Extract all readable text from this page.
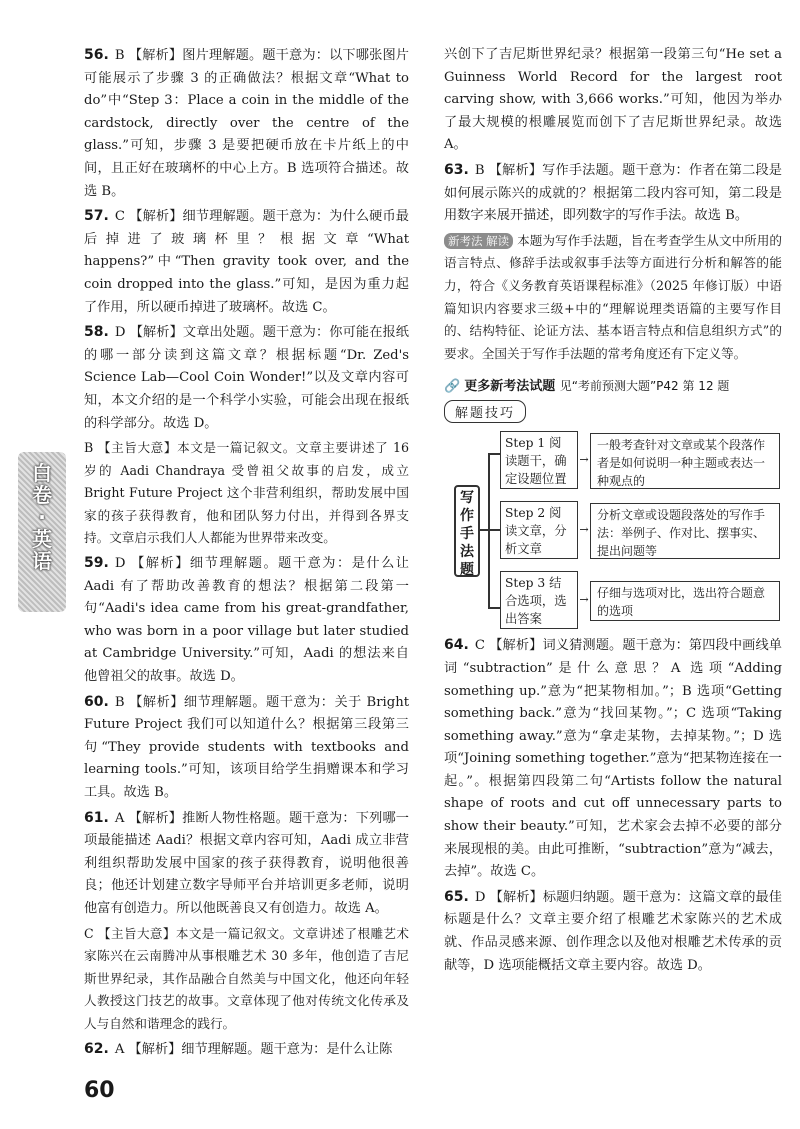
白卷·英语

56. B 【解析】图片理解题。题干意为：以下哪张图片可能展示了步骤 3 的正确做法？根据文章“What to do”中“Step 3：Place a coin in the middle of the cardstock, directly over the centre of the glass.”可知，步骤 3 是要把硬币放在卡片纸上的中间，且正好在玻璃杯的中心上方。B 选项符合描述。故选 B。

57. C 【解析】细节理解题。题干意为：为什么硬币最后掉进了玻璃杯里？根据文章“What happens?”中“Then gravity took over, and the coin dropped into the glass.”可知，是因为重力起了作用，所以硬币掉进了玻璃杯。故选 C。

58. D 【解析】文章出处题。题干意为：你可能在报纸的哪一部分读到这篇文章？根据标题“Dr. Zed's Science Lab—Cool Coin Wonder!”以及文章内容可知，本文介绍的是一个科学小实验，可能会出现在报纸的科学部分。故选 D。

B 【主旨大意】本文是一篇记叙文。文章主要讲述了 16 岁的 Aadi Chandraya 受曾祖父故事的启发，成立 Bright Future Project 这个非营利组织，帮助发展中国家的孩子获得教育，他和团队努力付出，并得到各界支持。文章启示我们人人都能为世界带来改变。

59. D 【解析】细节理解题。题干意为：是什么让 Aadi 有了帮助改善教育的想法？根据第二段第一句“Aadi's idea came from his great-grandfather, who was born in a poor village but later studied at Cambridge University.”可知，Aadi 的想法来自他曾祖父的故事。故选 D。

60. B 【解析】细节理解题。题干意为：关于 Bright Future Project 我们可以知道什么？根据第三段第三句“They provide students with textbooks and learning tools.”可知，该项目给学生捐赠课本和学习工具。故选 B。

61. A 【解析】推断人物性格题。题干意为：下列哪一项最能描述 Aadi？根据文章内容可知，Aadi 成立非营利组织帮助发展中国家的孩子获得教育，说明他很善良；他还计划建立数字导师平台并培训更多老师，说明他富有创造力。所以他既善良又有创造力。故选 A。

C 【主旨大意】本文是一篇记叙文。文章讲述了根雕艺术家陈兴在云南腾冲从事根雕艺术 30 多年，他创造了吉尼斯世界纪录，其作品融合自然美与中国文化，他还向年轻人教授这门技艺的故事。文章体现了他对传统文化传承及人与自然和谐理念的践行。

62. A 【解析】细节理解题。题干意为：是什么让陈

兴创下了吉尼斯世界纪录？根据第一段第三句“He set a Guinness World Record for the largest root carving show, with 3,666 works.”可知，他因为举办了最大规模的根雕展览而创下了吉尼斯世界纪录。故选 A。

63. B 【解析】写作手法题。题干意为：作者在第二段是如何展示陈兴的成就的？根据第二段内容可知，第二段是用数字来展开描述，即列数字的写作手法。故选 B。

新考法 解读 本题为写作手法题，旨在考查学生从文中所用的语言特点、修辞手法或叙事手法等方面进行分析和解答的能力，符合《义务教育英语课程标准》（2025 年修订版）中语篇知识内容要求三级+中的“理解说理类语篇的主要写作目的、结构特征、论证方法、基本语言特点和信息组织方式”的要求。全国关于写作手法题的常考角度还有下定义等。

🔗 更多新考法试题 见“考前预测大题”P42 第 12 题
解题技巧
写作手法题
Step 1 阅读题干，确定设题位置
→
一般考查针对文章或某个段落作者是如何说明一种主题或表达一种观点的
Step 2 阅读文章，分析文章
→
分析文章或设题段落处的写作手法：举例子、作对比、摆事实、提出问题等
Step 3 结合选项，选出答案
→ 仔细与选项对比，选出符合题意的选项

64. C 【解析】词义猜测题。题干意为：第四段中画线单词“subtraction”是什么意思？A 选项“Adding something up.”意为“把某物相加。”；B 选项“Getting something back.”意为“找回某物。”；C 选项“Taking something away.”意为“拿走某物，去掉某物。”；D 选项“Joining something together.”意为“把某物连接在一起。”。根据第四段第二句“Artists follow the natural shape of roots and cut off unnecessary parts to show their beauty.”可知，艺术家会去掉不必要的部分来展现根的美。由此可推断，“subtraction”意为“减去，去掉”。故选 C。

65. D 【解析】标题归纳题。题干意为：这篇文章的最佳标题是什么？文章主要介绍了根雕艺术家陈兴的艺术成就、作品灵感来源、创作理念以及他对根雕艺术传承的贡献等，D 选项能概括文章主要内容。故选 D。

60
